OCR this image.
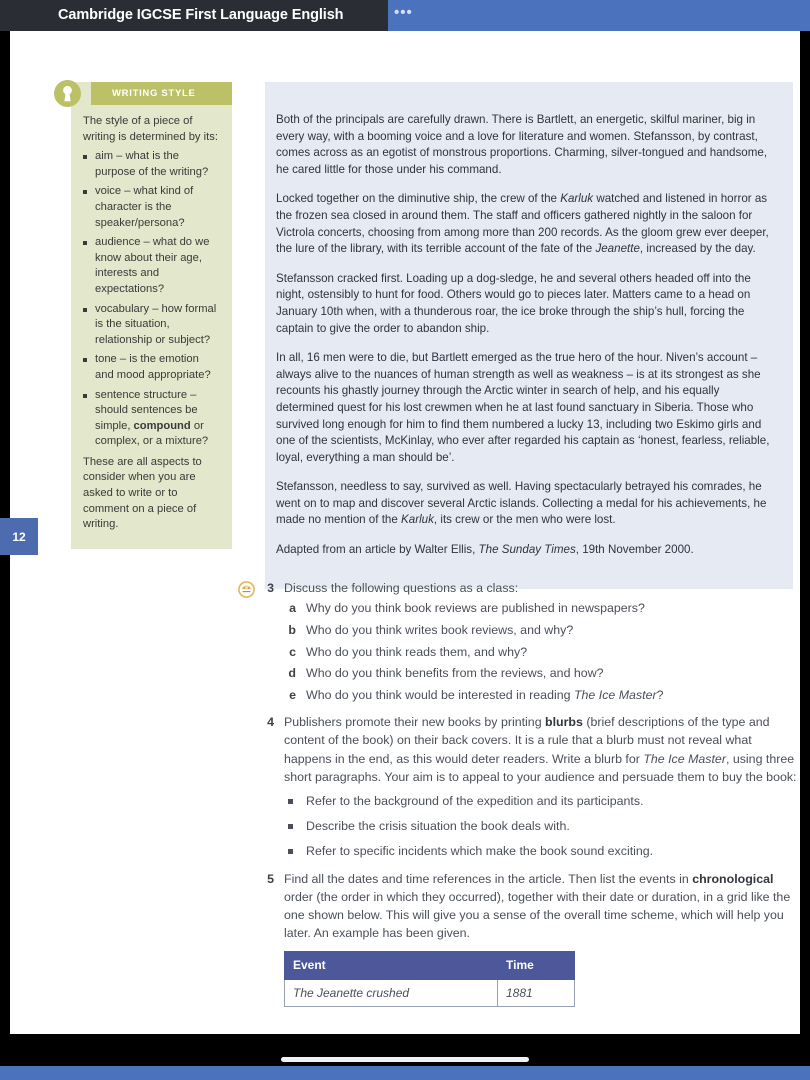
Cambridge IGCSE First Language English	•••
WRITING STYLE

The style of a piece of writing is determined by its:

aim – what is the purpose of the writing?
voice – what kind of character is the speaker/persona?
audience – what do we know about their age, interests and expectations?
vocabulary – how formal is the situation, relationship or subject?
tone – is the emotion and mood appropriate?
sentence structure – should sentences be simple, compound or complex, or a mixture?

These are all aspects to consider when you are asked to write or to comment on a piece of writing.

Both of the principals are carefully drawn. There is Bartlett, an energetic, skilful mariner, big in every way, with a booming voice and a love for literature and women. Stefansson, by contrast, comes across as an egotist of monstrous proportions. Charming, silver-tongued and handsome, he cared little for those under his command.

Locked together on the diminutive ship, the crew of the Karluk watched and listened in horror as the frozen sea closed in around them. The staff and officers gathered nightly in the saloon for Victrola concerts, choosing from among more than 200 records. As the gloom grew ever deeper, the lure of the library, with its terrible account of the fate of the Jeanette, increased by the day.

Stefansson cracked first. Loading up a dog-sledge, he and several others headed off into the night, ostensibly to hunt for food. Others would go to pieces later. Matters came to a head on January 10th when, with a thunderous roar, the ice broke through the ship’s hull, forcing the captain to give the order to abandon ship.

In all, 16 men were to die, but Bartlett emerged as the true hero of the hour. Niven’s account – always alive to the nuances of human strength as well as weakness – is at its strongest as she recounts his ghastly journey through the Arctic winter in search of help, and his equally determined quest for his lost crewmen when he at last found sanctuary in Siberia. Those who survived long enough for him to find them numbered a lucky 13, including two Eskimo girls and one of the scientists, McKinlay, who ever after regarded his captain as ‘honest, fearless, reliable, loyal, everything a man should be’.

Stefansson, needless to say, survived as well. Having spectacularly betrayed his comrades, he went on to map and discover several Arctic islands. Collecting a medal for his achievements, he made no mention of the Karluk, its crew or the men who were lost.

Adapted from an article by Walter Ellis, The Sunday Times, 19th November 2000.

3 Discuss the following questions as a class:
a Why do you think book reviews are published in newspapers?
b Who do you think writes book reviews, and why?
c Who do you think reads them, and why?
d Who do you think benefits from the reviews, and how?
e Who do you think would be interested in reading The Ice Master?
4 Publishers promote their new books by printing blurbs (brief descriptions of the type and content of the book) on their back covers. It is a rule that a blurb must not reveal what happens in the end, as this would deter readers. Write a blurb for The Ice Master, using three short paragraphs. Your aim is to appeal to your audience and persuade them to buy the book:
Refer to the background of the expedition and its participants.
Describe the crisis situation the book deals with.
Refer to specific incidents which make the book sound exciting.
5 Find all the dates and time references in the article. Then list the events in chronological order (the order in which they occurred), together with their date or duration, in a grid like the one shown below. This will give you a sense of the overall time scheme, which will help you later. An example has been given.
Event	Time
The Jeanette crushed	1881
12
